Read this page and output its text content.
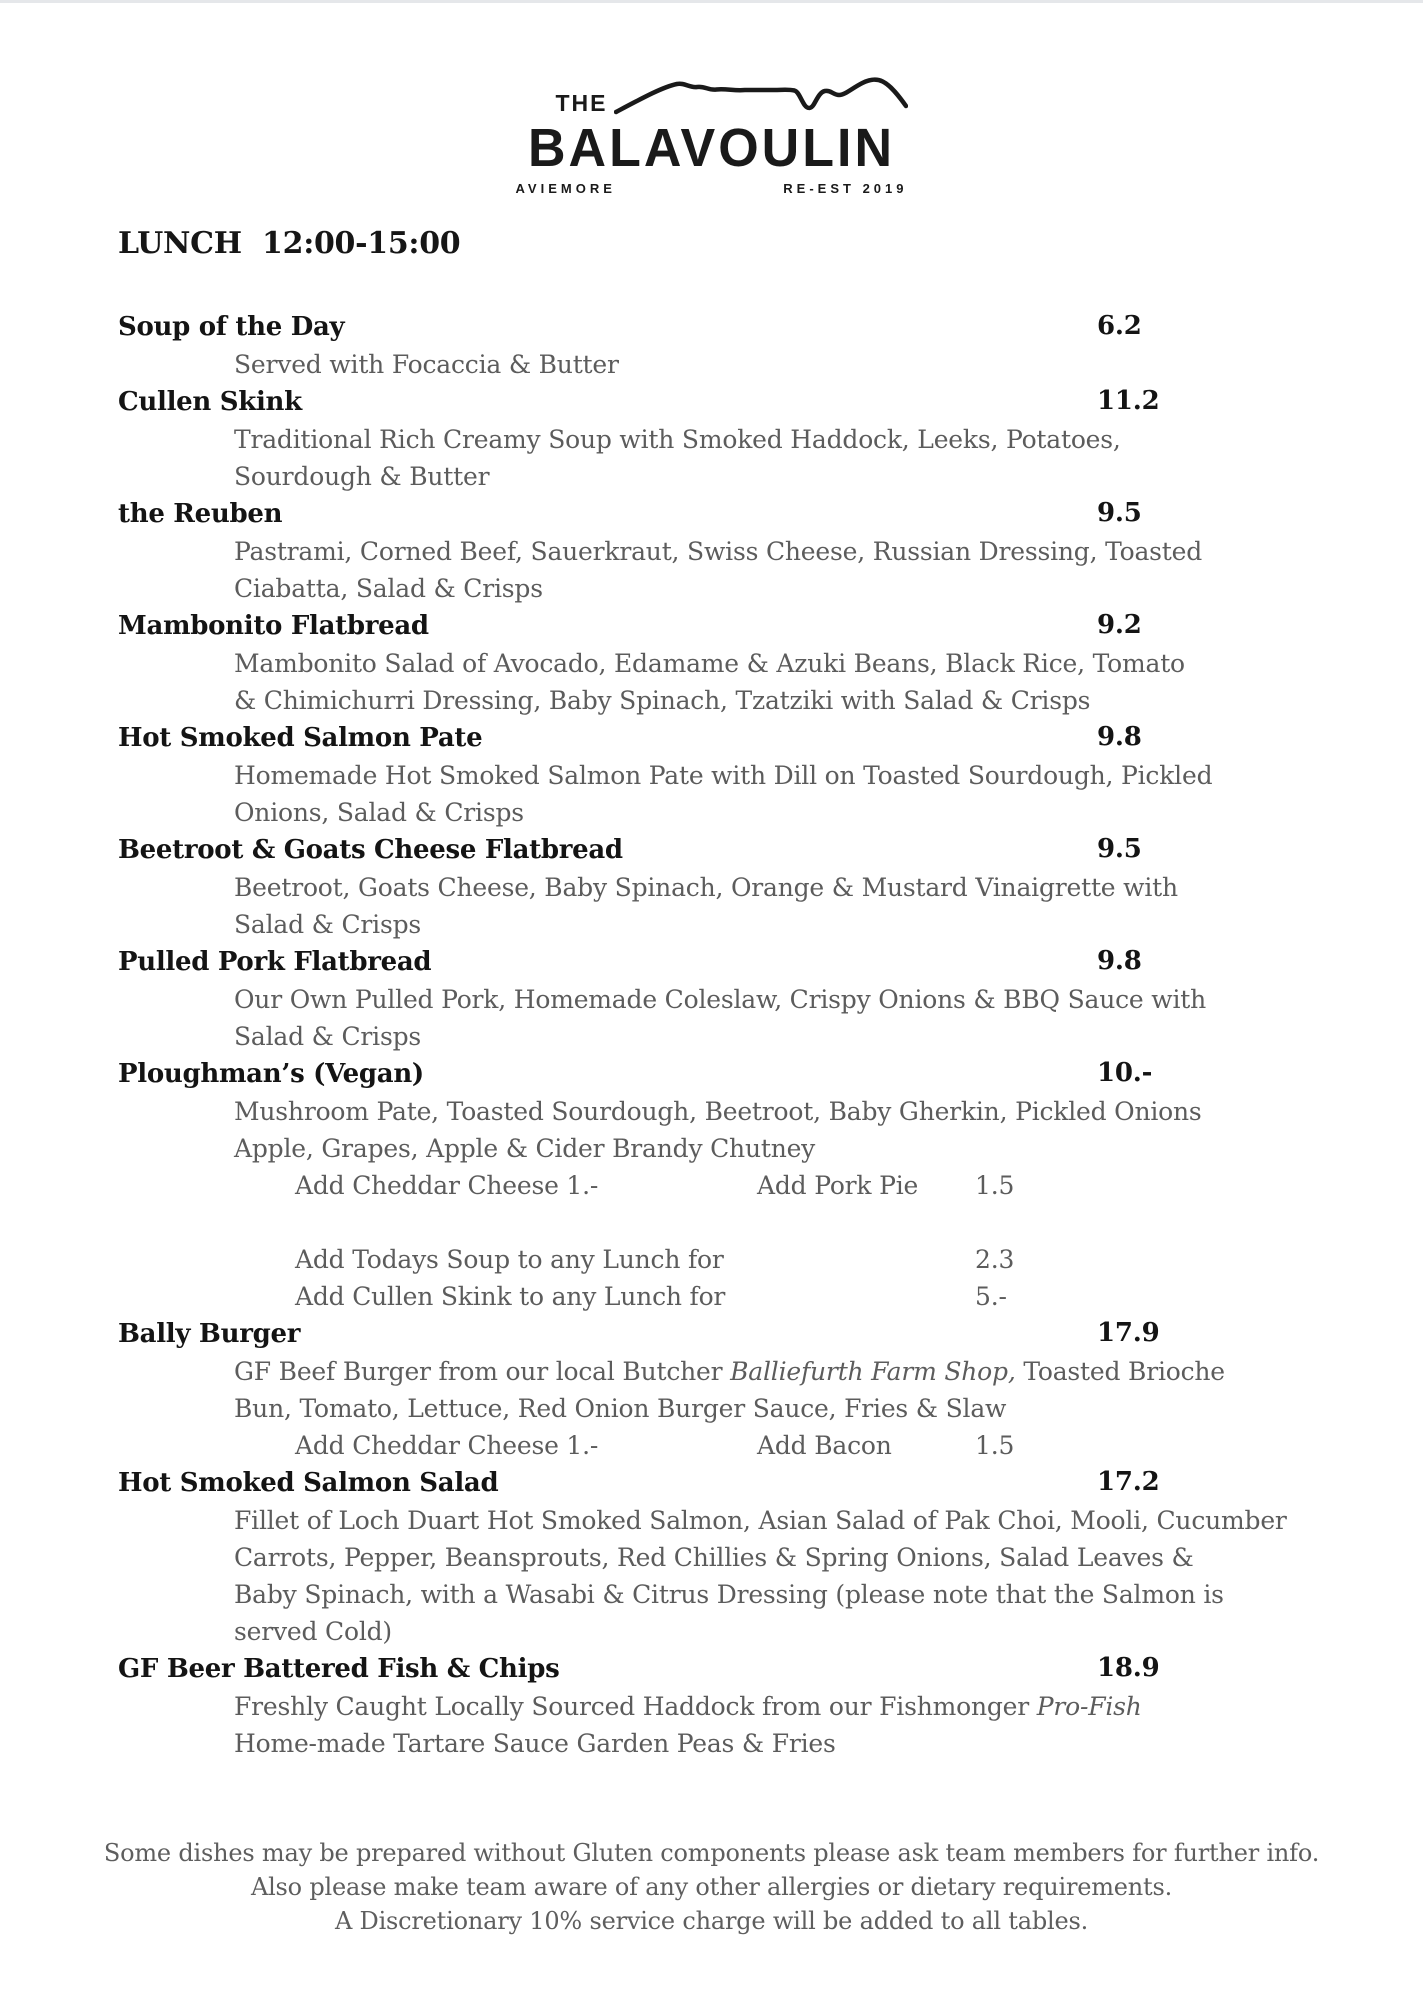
THE
BALAVOULIN
AVIEMORE	RE-EST 2019
LUNCH  12:00-15:00
Soup of the Day	6.2
Served with Focaccia & Butter
Cullen Skink	11.2
Traditional Rich Creamy Soup with Smoked Haddock, Leeks, Potatoes,
Sourdough & Butter
the Reuben	9.5
Pastrami, Corned Beef, Sauerkraut, Swiss Cheese, Russian Dressing, Toasted
Ciabatta, Salad & Crisps
Mambonito Flatbread	9.2
Mambonito Salad of Avocado, Edamame & Azuki Beans, Black Rice, Tomato
& Chimichurri Dressing, Baby Spinach, Tzatziki with Salad & Crisps
Hot Smoked Salmon Pate	9.8
Homemade Hot Smoked Salmon Pate with Dill on Toasted Sourdough, Pickled
Onions, Salad & Crisps
Beetroot & Goats Cheese Flatbread	9.5
Beetroot, Goats Cheese, Baby Spinach, Orange & Mustard Vinaigrette with
Salad & Crisps
Pulled Pork Flatbread	9.8
Our Own Pulled Pork, Homemade Coleslaw, Crispy Onions & BBQ Sauce with
Salad & Crisps
Ploughman’s (Vegan)	10.-
Mushroom Pate, Toasted Sourdough, Beetroot, Baby Gherkin, Pickled Onions
Apple, Grapes, Apple & Cider Brandy Chutney
Add Cheddar Cheese 1.-	Add Pork Pie 1.5
Add Todays Soup to any Lunch for	2.3
Add Cullen Skink to any Lunch for	5.-
Bally Burger	17.9
GF Beef Burger from our local Butcher Balliefurth Farm Shop, Toasted Brioche
Bun, Tomato, Lettuce, Red Onion Burger Sauce, Fries & Slaw
Add Cheddar Cheese 1.-	Add Bacon	1.5
Hot Smoked Salmon Salad	17.2
Fillet of Loch Duart Hot Smoked Salmon, Asian Salad of Pak Choi, Mooli, Cucumber
Carrots, Pepper, Beansprouts, Red Chillies & Spring Onions, Salad Leaves &
Baby Spinach, with a Wasabi & Citrus Dressing (please note that the Salmon is
served Cold)
GF Beer Battered Fish & Chips	18.9
Freshly Caught Locally Sourced Haddock from our Fishmonger Pro-Fish
Home-made Tartare Sauce Garden Peas & Fries
Some dishes may be prepared without Gluten components please ask team members for further info.
Also please make team aware of any other allergies or dietary requirements.
A Discretionary 10% service charge will be added to all tables.
